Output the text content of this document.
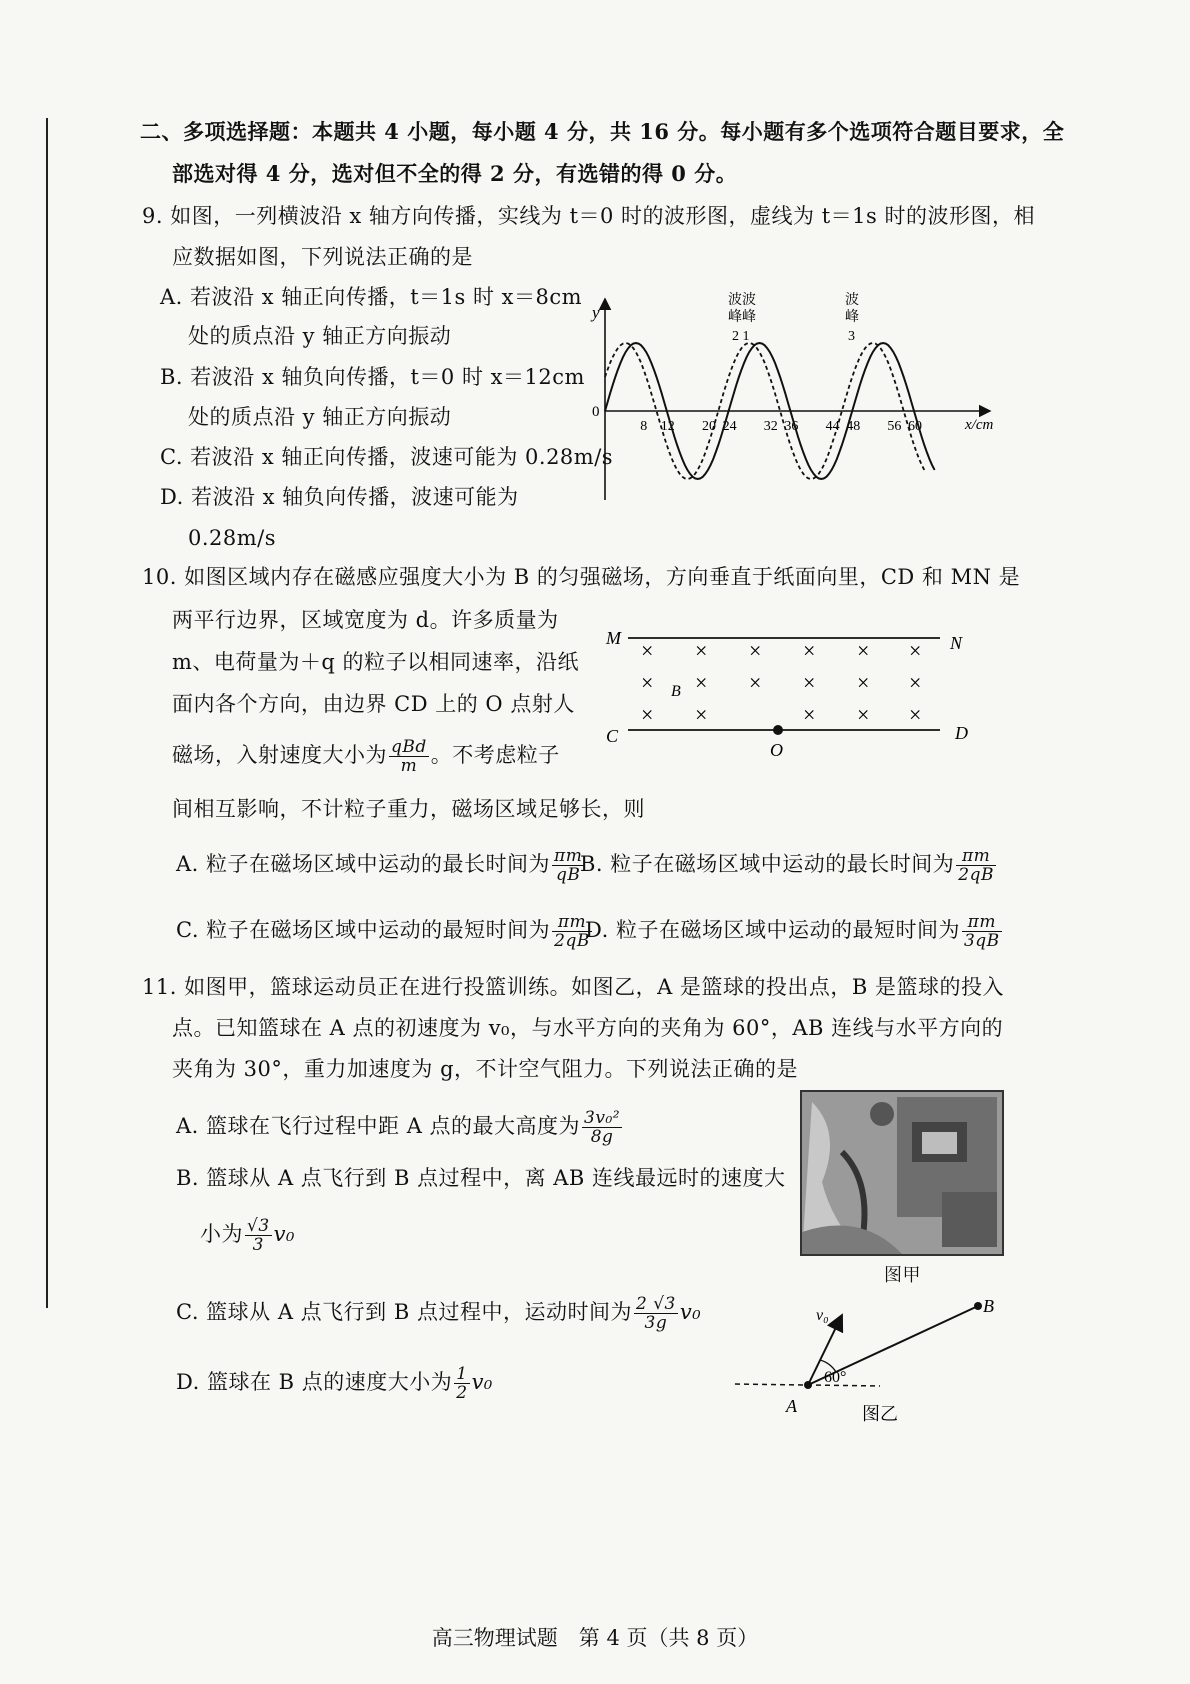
二、多项选择题：本题共 4 小题，每小题 4 分，共 16 分。每小题有多个选项符合题目要求，全
部选对得 4 分，选对但不全的得 2 分，有选错的得 0 分。
9. 如图，一列横波沿 x 轴方向传播，实线为 t＝0 时的波形图，虚线为 t＝1s 时的波形图，相
应数据如图，下列说法正确的是
A. 若波沿 x 轴正向传播，t＝1s 时 x＝8cm
处的质点沿 y 轴正方向振动
B. 若波沿 x 轴负向传播，t＝0 时 x＝12cm
处的质点沿 y 轴正方向振动
C. 若波沿 x 轴正向传播，波速可能为 0.28m/s
D. 若波沿 x 轴负向传播，波速可能为
0.28m/s
y
x/cm
0
8 12 20 24 32 36 44 48 56 60
波波
峰峰
2 1
波
峰
3
10. 如图区域内存在磁感应强度大小为 B 的匀强磁场，方向垂直于纸面向里，CD 和 MN 是
两平行边界，区域宽度为 d。许多质量为
m、电荷量为＋q 的粒子以相同速率，沿纸
面内各个方向，由边界 CD 上的 O 点射人
磁场，入射速度大小为 $\frac{\text{qBd}}{m}$ 。不考虑粒子
间相互影响，不计粒子重力，磁场区域足够长，则
M	N
C	D
O
B
× × × × × ×
× × × × × ×
× ×	× × ×
A. 粒子在磁场区域中运动的最长时间为 $\frac{\pi m}{qB}$
B. 粒子在磁场区域中运动的最长时间为 $\frac{\pi m}{2qB}$
C. 粒子在磁场区域中运动的最短时间为 $\frac{\pi m}{2qB}$
D. 粒子在磁场区域中运动的最短时间为 $\frac{\pi m}{3qB}$
11. 如图甲，篮球运动员正在进行投篮训练。如图乙，A 是篮球的投出点，B 是篮球的投入
点。已知篮球在 A 点的初速度为 v₀，与水平方向的夹角为 60°，AB 连线与水平方向的
夹角为 30°，重力加速度为 g，不计空气阻力。下列说法正确的是
A. 篮球在飞行过程中距 A 点的最大高度为 $\frac{\text{3v₀²}}{8g}$
B. 篮球从 A 点飞行到 B 点过程中，离 AB 连线最远时的速度大
小为 $\frac{√3}{3} v_0$
C. 篮球从 A 点飞行到 B 点过程中，运动时间为 $\frac{2 √3}{3g} v_0$
D. 篮球在 B 点的速度大小为 $\frac{1}{2} v_0$
图甲
v₀
60°
A
B
图乙
高三物理试题　第 4 页（共 8 页）
